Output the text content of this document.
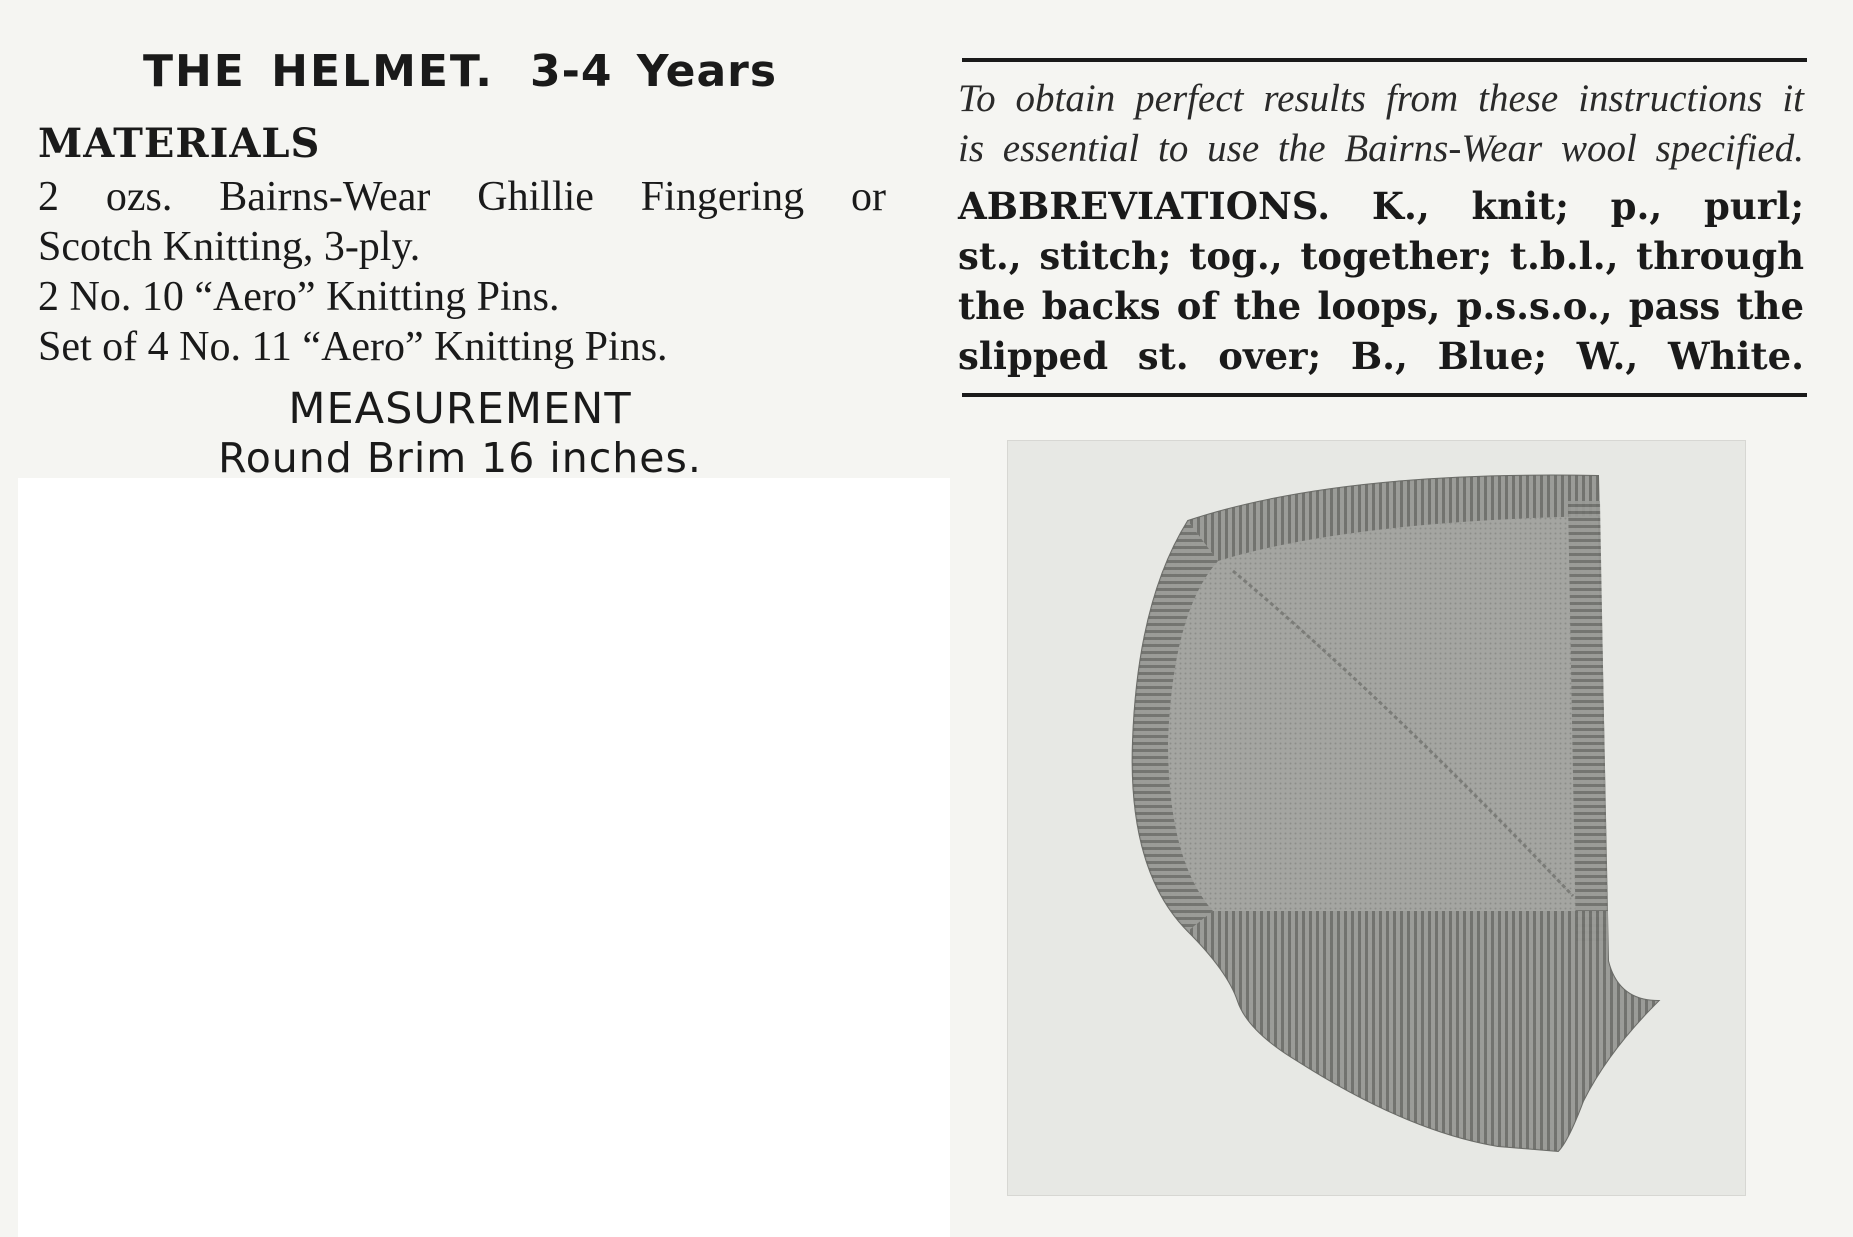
THE HELMET. 3-4 Years
MATERIALS
2 ozs. Bairns-Wear Ghillie Fingering or
Scotch Knitting, 3-ply.
2 No. 10 “Aero” Knitting Pins.
Set of 4 No. 11 “Aero” Knitting Pins.
MEASUREMENT
Round Brim 16 inches.
To obtain perfect results from these instructions it
is essential to use the Bairns-Wear wool specified.
ABBREVIATIONS. K., knit; p., purl;
st., stitch; tog., together; t.b.l., through
the backs of the loops, p.s.s.o., pass the
slipped st. over; B., Blue; W., White.
